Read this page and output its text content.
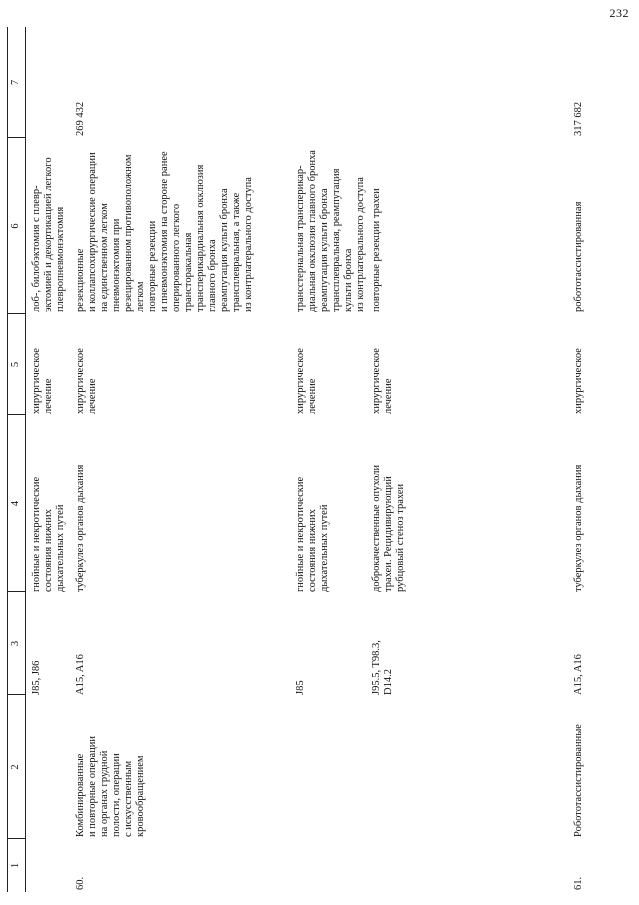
232
1
2
3
4
5
6
7
J85, J86
гнойные и некротические состояния нижних дыхательных путей
хирургическое лечение
лоб-, билобэктомия с плевр- эктомией и декортикацией легкого плевропневмонэктомия
60.
Комбинированные и повторные операции на органах грудной полости, операции с искусственным кровообращением
A15, A16
туберкулез органов дыхания
хирургическое лечение
резекционные и коллапсохирургические операции на единственном легком пневмонэктомия при резецированном противоположном легком повторные резекции и пневмонэктомия на стороне ранее оперированного легкого трансторакальная трансперикардиальная окклюзия главного бронха реампутация культи бронха трансплевральная, а также из контрлатерального доступа
269 432
J85
гнойные и некротические состояния нижних дыхательных путей
хирургическое лечение
трансстернальная трансперикар- диальная окклюзия главного бронха реампутация культи бронха трансплевральная, реампутация культи бронха из контрлатерального доступа
J95.5, T98.3, D14.2
доброкачественные опухоли трахеи. Рецидивирующий рубцовый стеноз трахеи
хирургическое лечение
повторные резекции трахеи
61.
Робототассистированные
A15, A16
туберкулез органов дыхания
хирургическое
робототассистированная
317 682
